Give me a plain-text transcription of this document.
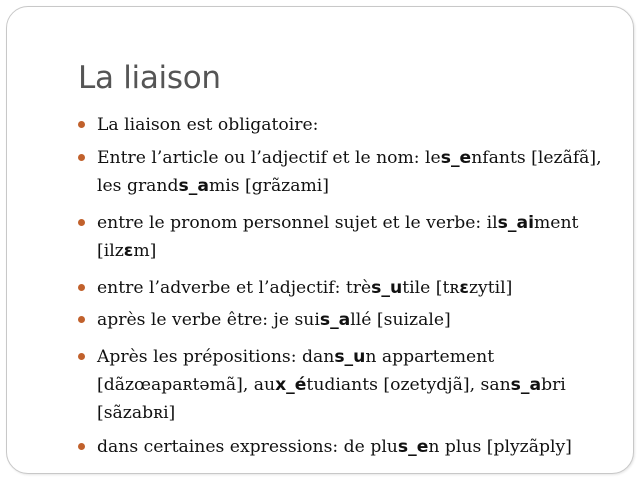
La liaison
La liaison est obligatoire:
Entre l’article ou l’adjectif et le nom: les_enfants [lezãfã],
les grands_amis [grãzami]
entre le pronom personnel sujet et le verbe: ils_aiment
[ilzɛm]
entre l’adverbe et l’adjectif: très_utile [tʀɛzytil]
après le verbe être: je suis_allé [suizale]
Après les prépositions: dans_un appartement
[dãzœapaʀtəmã], aux_étudiants [ozetydjã], sans_abri
[sãzabʀi]
dans certaines expressions: de plus_en plus [plyzãply]
